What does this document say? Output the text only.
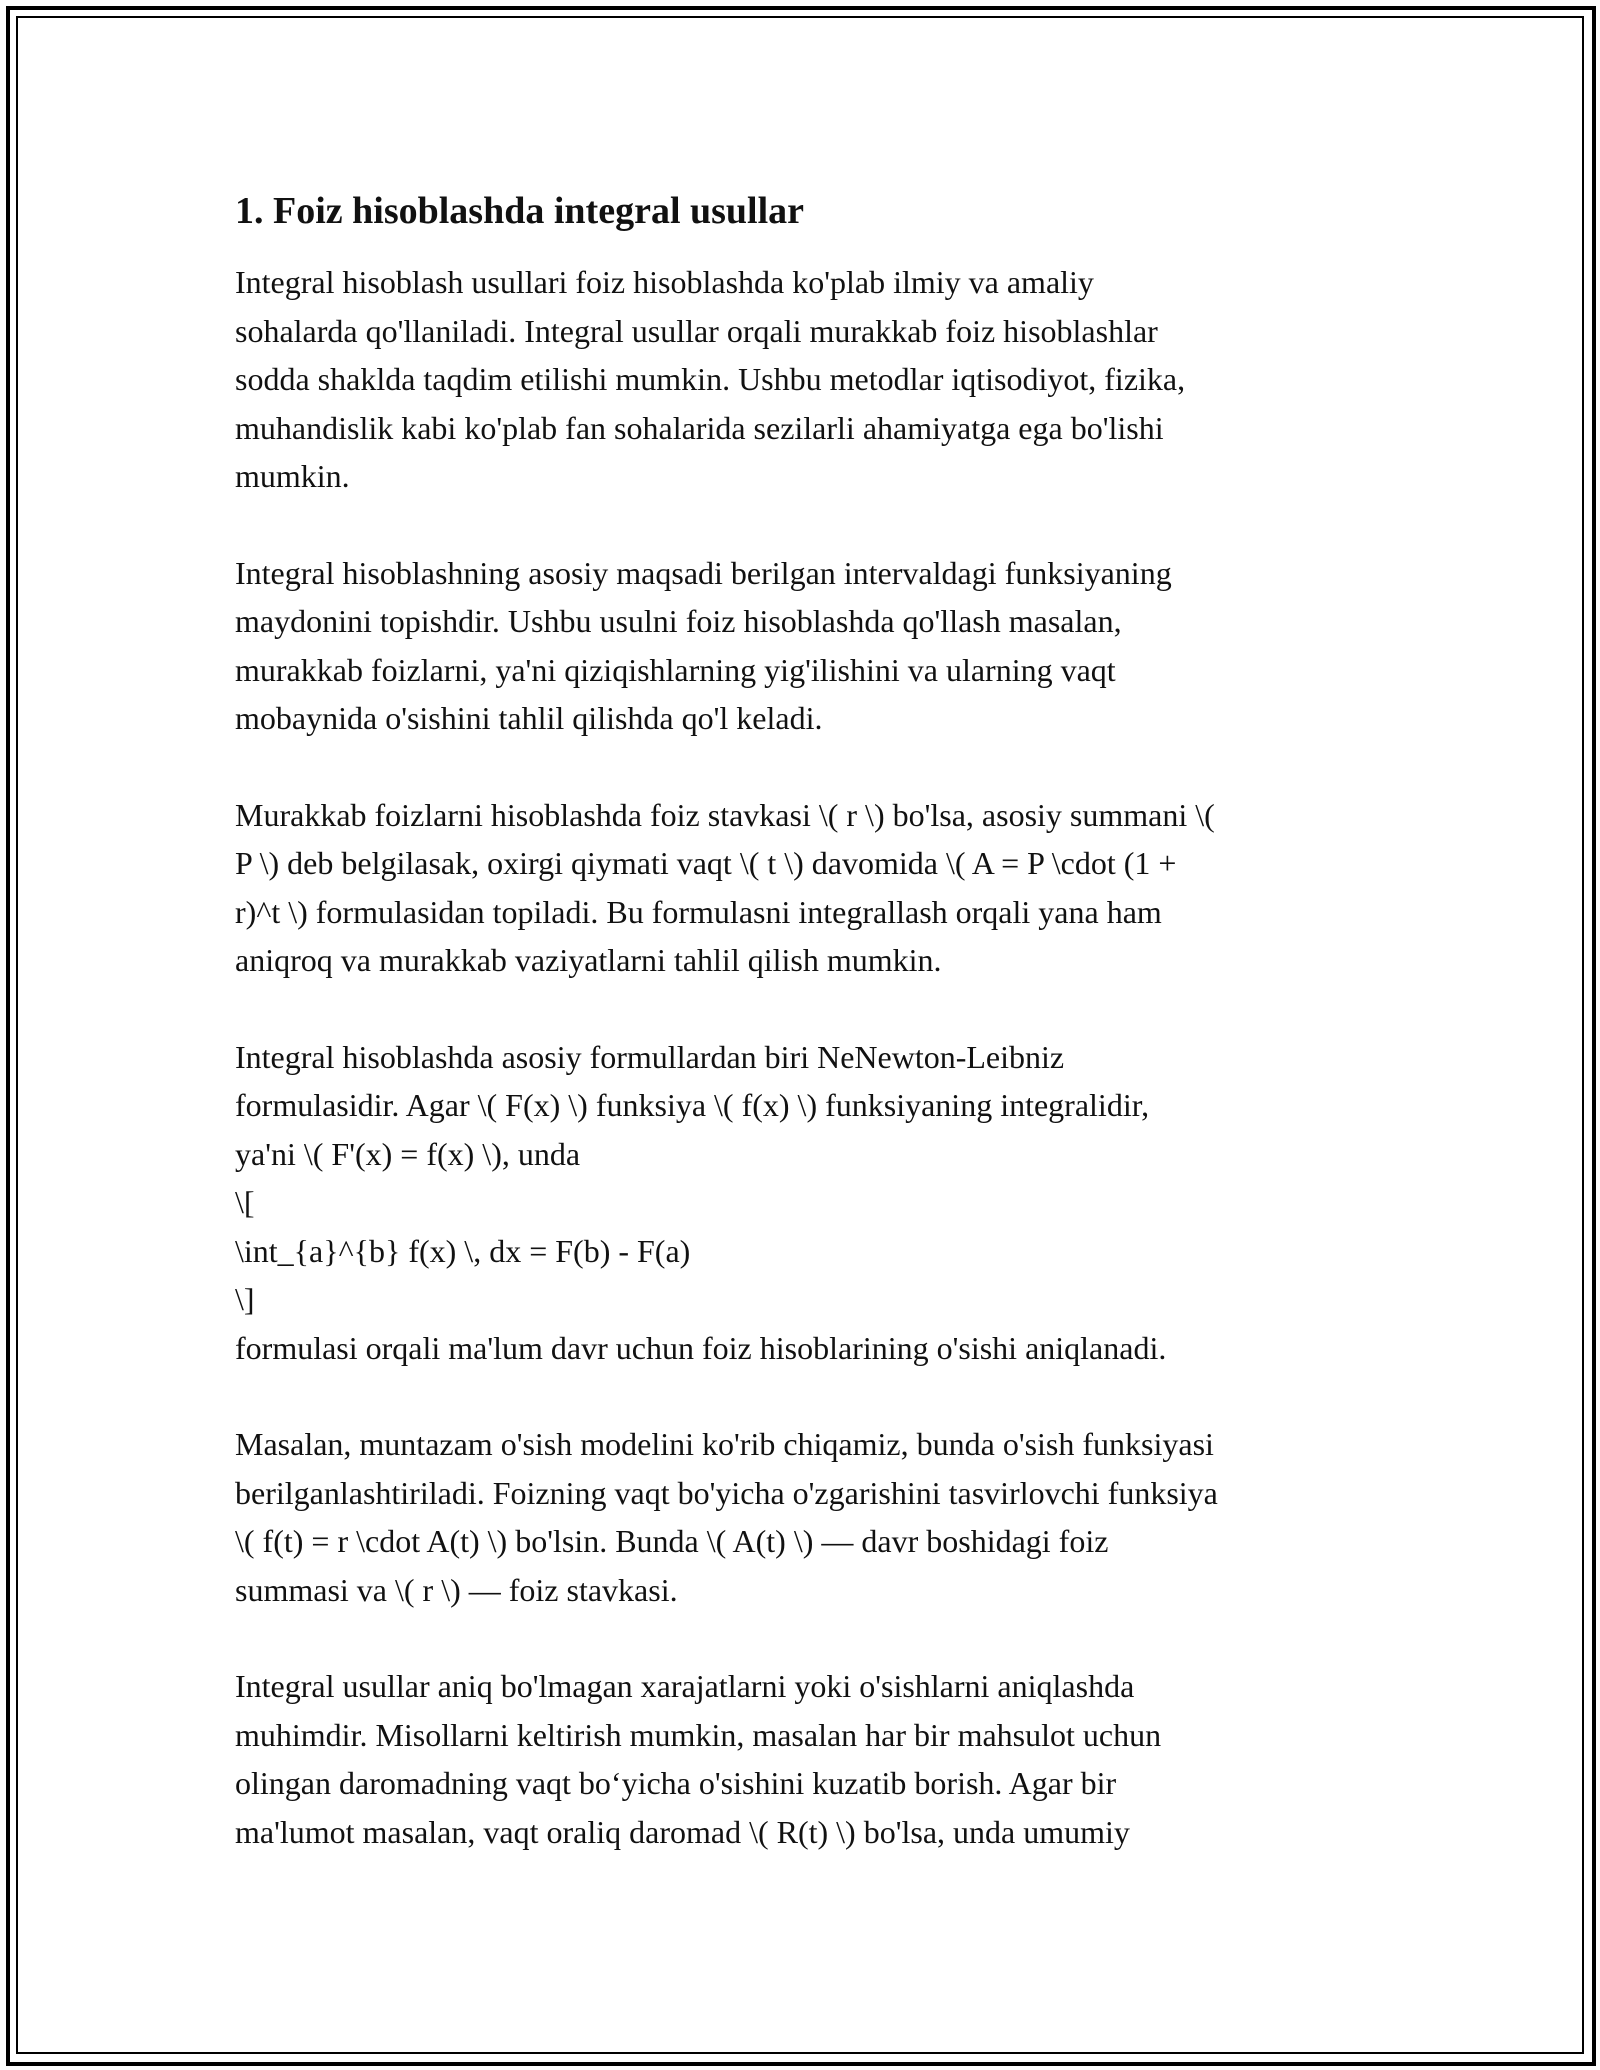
1. Foiz hisoblashda integral usullar
Integral hisoblash usullari foiz hisoblashda ko'plab ilmiy va amaliy
sohalarda qo'llaniladi. Integral usullar orqali murakkab foiz hisoblashlar
sodda shaklda taqdim etilishi mumkin. Ushbu metodlar iqtisodiyot, fizika,
muhandislik kabi ko'plab fan sohalarida sezilarli ahamiyatga ega bo'lishi
mumkin.
Integral hisoblashning asosiy maqsadi berilgan intervaldagi funksiyaning
maydonini topishdir. Ushbu usulni foiz hisoblashda qo'llash masalan,
murakkab foizlarni, ya'ni qiziqishlarning yig'ilishini va ularning vaqt
mobaynida o'sishini tahlil qilishda qo'l keladi.
Murakkab foizlarni hisoblashda foiz stavkasi \( r \) bo'lsa, asosiy summani \(
P \) deb belgilasak, oxirgi qiymati vaqt \( t \) davomida \( A = P \cdot (1 +
r)^t \) formulasidan topiladi. Bu formulasni integrallash orqali yana ham
aniqroq va murakkab vaziyatlarni tahlil qilish mumkin.
Integral hisoblashda asosiy formullardan biri NeNewton-Leibniz
formulasidir. Agar \( F(x) \) funksiya \( f(x) \) funksiyaning integralidir,
ya'ni \( F'(x) = f(x) \), unda
\[
\int_{a}^{b} f(x) \, dx = F(b) - F(a)
\]
formulasi orqali ma'lum davr uchun foiz hisoblarining o'sishi aniqlanadi.
Masalan, muntazam o'sish modelini ko'rib chiqamiz, bunda o'sish funksiyasi
berilganlashtiriladi. Foizning vaqt bo'yicha o'zgarishini tasvirlovchi funksiya
\( f(t) = r \cdot A(t) \) bo'lsin. Bunda \( A(t) \) — davr boshidagi foiz
summasi va \( r \) — foiz stavkasi.
Integral usullar aniq bo'lmagan xarajatlarni yoki o'sishlarni aniqlashda
muhimdir. Misollarni keltirish mumkin, masalan har bir mahsulot uchun
olingan daromadning vaqt bo‘yicha o'sishini kuzatib borish. Agar bir
ma'lumot masalan, vaqt oraliq daromad \( R(t) \) bo'lsa, unda umumiy
